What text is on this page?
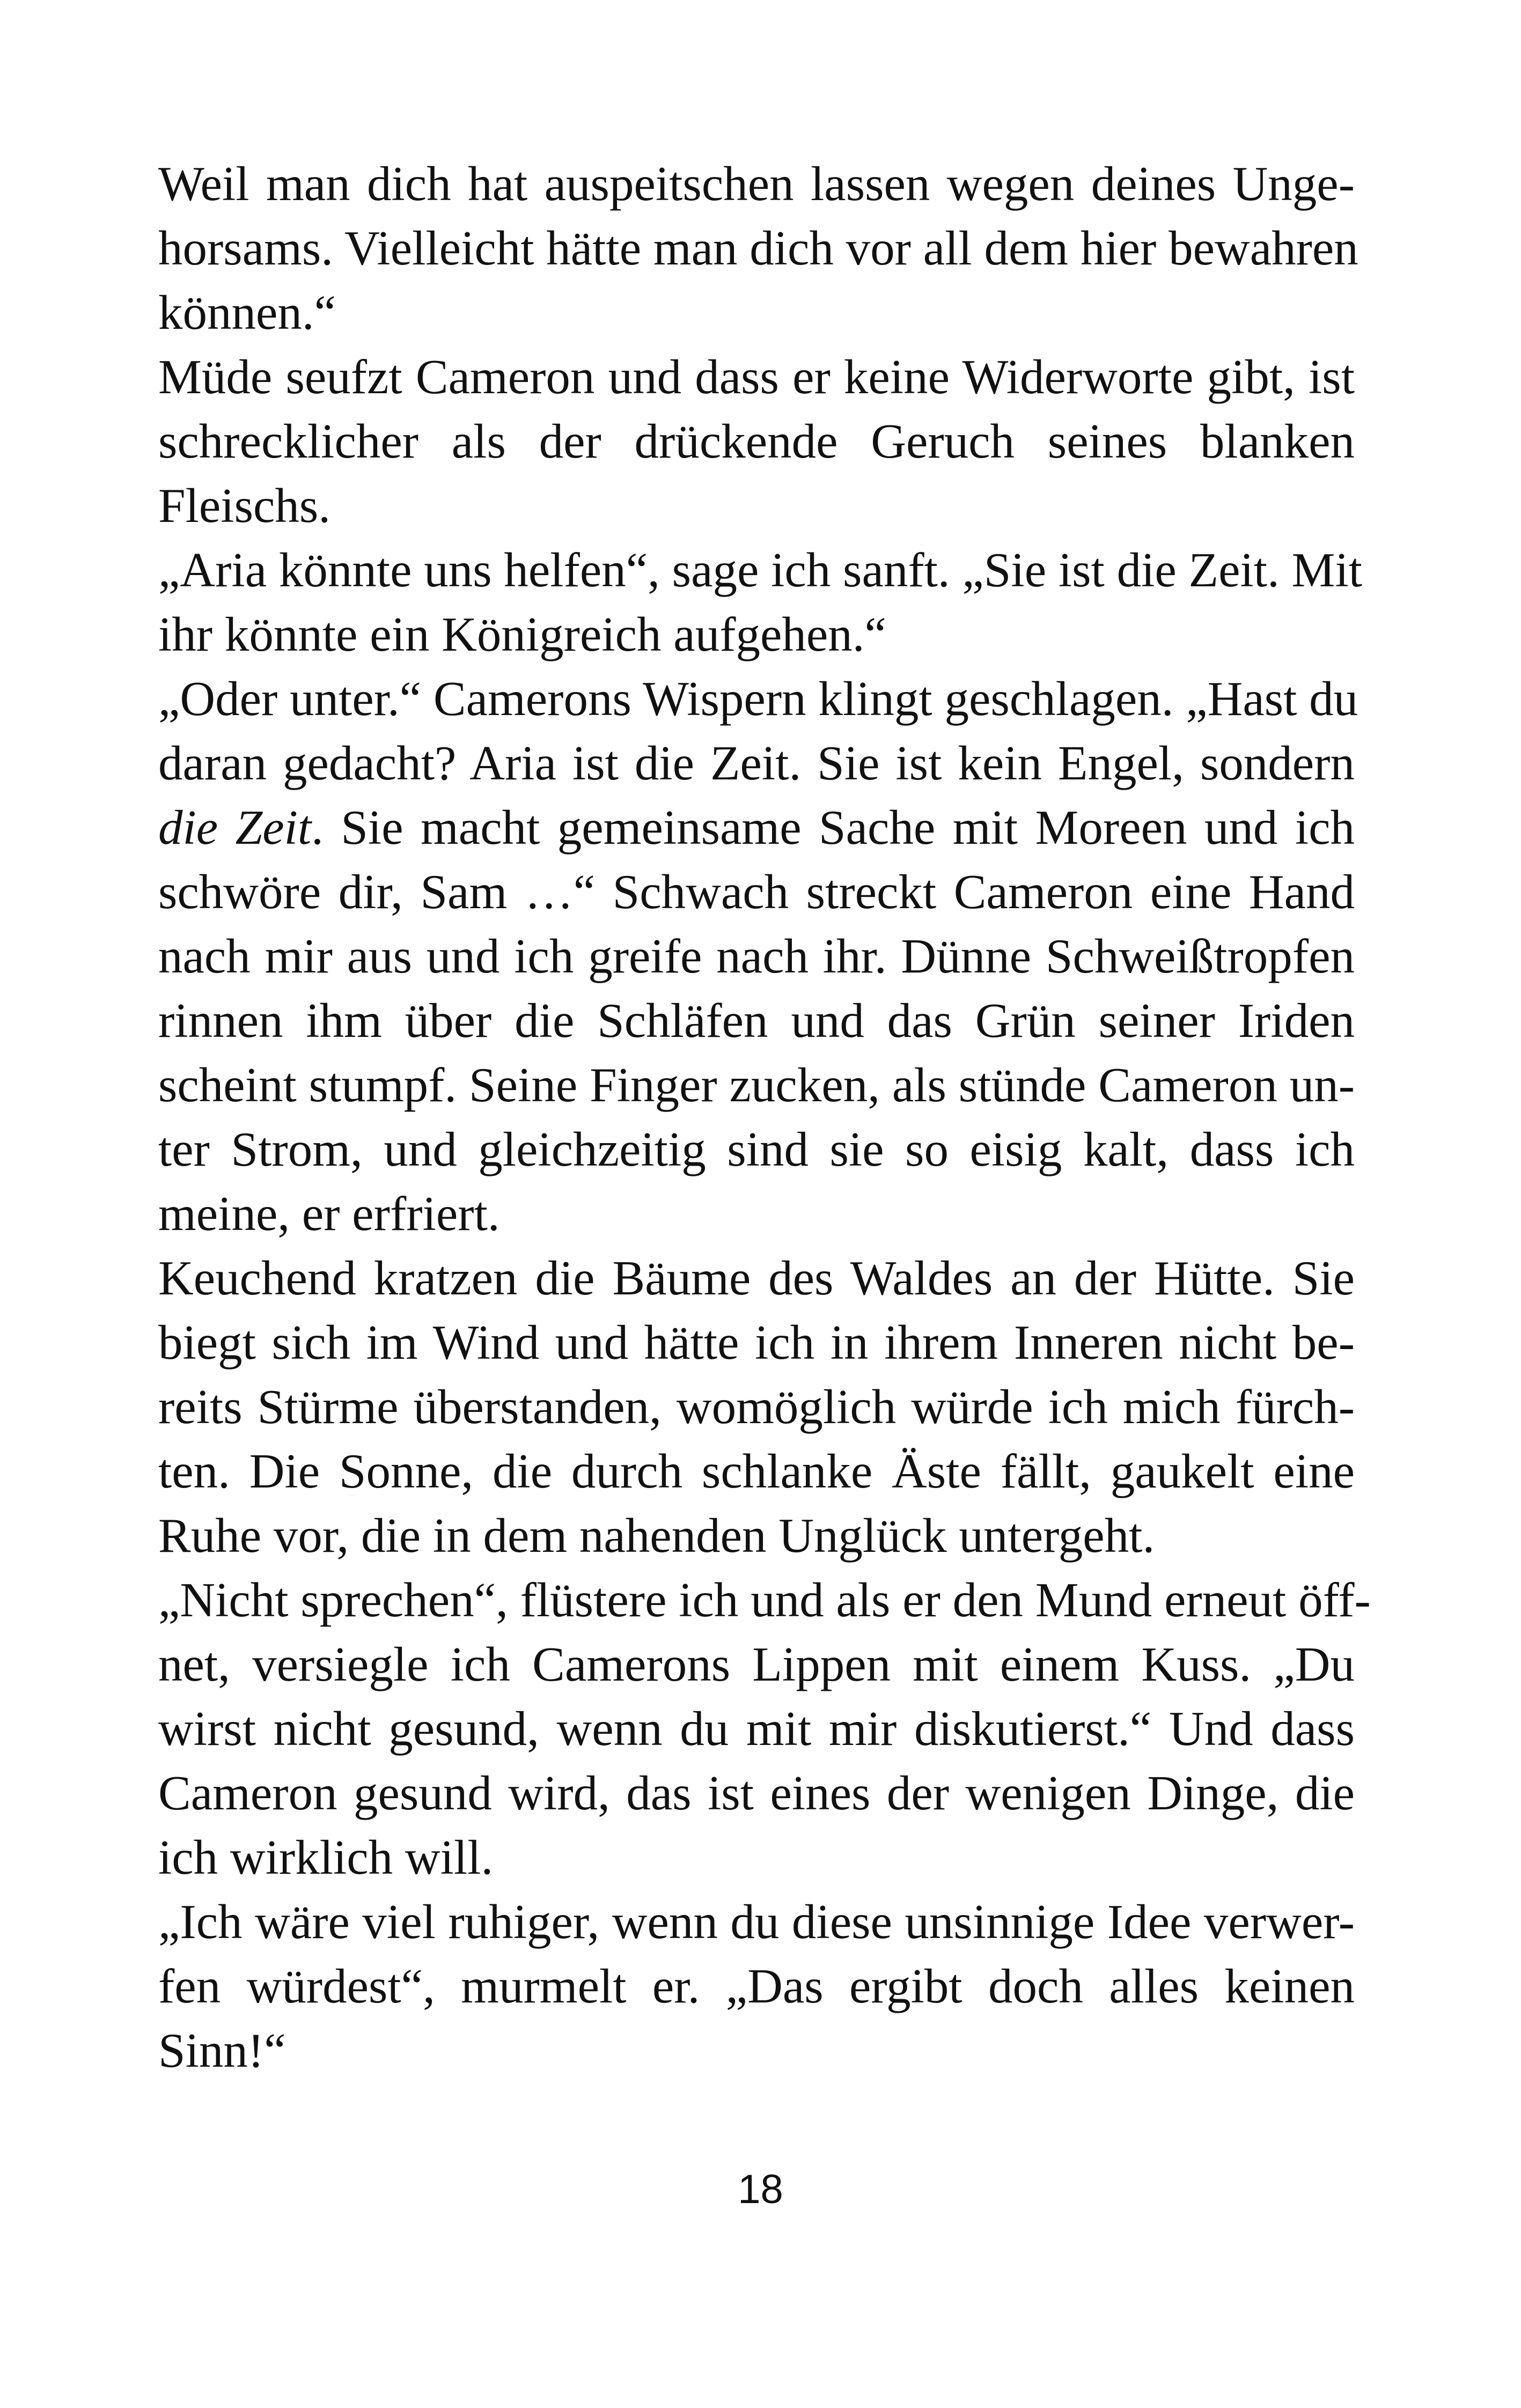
Weil man dich hat auspeitschen lassen wegen deines Unge-
horsams. Vielleicht hätte man dich vor all dem hier bewahren
können.“
Müde seufzt Cameron und dass er keine Widerworte gibt, ist
schrecklicher als der drückende Geruch seines blanken
Fleischs.
„Aria könnte uns helfen“, sage ich sanft. „Sie ist die Zeit. Mit
ihr könnte ein Königreich aufgehen.“
„Oder unter.“ Camerons Wispern klingt geschlagen. „Hast du
daran gedacht? Aria ist die Zeit. Sie ist kein Engel, sondern
die Zeit. Sie macht gemeinsame Sache mit Moreen und ich
schwöre dir, Sam …“ Schwach streckt Cameron eine Hand
nach mir aus und ich greife nach ihr. Dünne Schweißtropfen
rinnen ihm über die Schläfen und das Grün seiner Iriden
scheint stumpf. Seine Finger zucken, als stünde Cameron un-
ter Strom, und gleichzeitig sind sie so eisig kalt, dass ich
meine, er erfriert.
Keuchend kratzen die Bäume des Waldes an der Hütte. Sie
biegt sich im Wind und hätte ich in ihrem Inneren nicht be-
reits Stürme überstanden, womöglich würde ich mich fürch-
ten. Die Sonne, die durch schlanke Äste fällt, gaukelt eine
Ruhe vor, die in dem nahenden Unglück untergeht.
„Nicht sprechen“, flüstere ich und als er den Mund erneut öff-
net, versiegle ich Camerons Lippen mit einem Kuss. „Du
wirst nicht gesund, wenn du mit mir diskutierst.“ Und dass
Cameron gesund wird, das ist eines der wenigen Dinge, die
ich wirklich will.
„Ich wäre viel ruhiger, wenn du diese unsinnige Idee verwer-
fen würdest“, murmelt er. „Das ergibt doch alles keinen
Sinn!“
18
